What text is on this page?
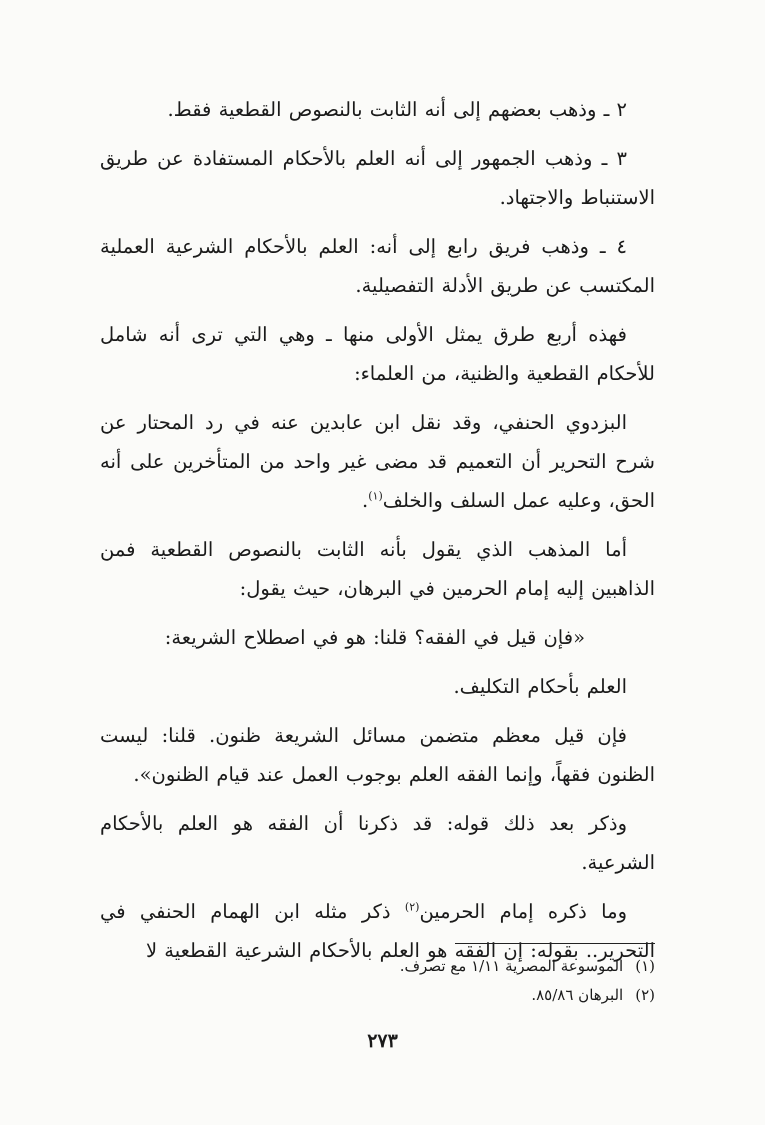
٢ ـ وذهب بعضهم إلى أنه الثابت بالنصوص القطعية فقط.

٣ ـ وذهب الجمهور إلى أنه العلم بالأحكام المستفادة عن طريق الاستنباط والاجتهاد.

٤ ـ وذهب فريق رابع إلى أنه: العلم بالأحكام الشرعية العملية المكتسب عن طريق الأدلة التفصيلية.

فهذه أربع طرق يمثل الأولى منها ـ وهي التي ترى أنه شامل للأحكام القطعية والظنية، من العلماء:

البزدوي الحنفي، وقد نقل ابن عابدين عنه في رد المحتار عن شرح التحرير أن التعميم قد مضى غير واحد من المتأخرين على أنه الحق، وعليه عمل السلف والخلف$^{(١)}$.

أما المذهب الذي يقول بأنه الثابت بالنصوص القطعية فمن الذاهبين إليه إمام الحرمين في البرهان، حيث يقول:

«فإن قيل في الفقه؟ قلنا: هو في اصطلاح الشريعة:

العلم بأحكام التكليف.

فإن قيل معظم متضمن مسائل الشريعة ظنون. قلنا: ليست الظنون فقهاً، وإنما الفقه العلم بوجوب العمل عند قيام الظنون».

وذكر بعد ذلك قوله: قد ذكرنا أن الفقه هو العلم بالأحكام الشرعية.

وما ذكره إمام الحرمين$^{(٢)}$ ذكر مثله ابن الهمام الحنفي في التحرير.. بقوله: إن الفقه هو العلم بالأحكام الشرعية القطعية لا

(١)الموسوعة المصرية ١/١١ مع تصرف.
(٢)البرهان ٨٥/٨٦.
٢٧٣
